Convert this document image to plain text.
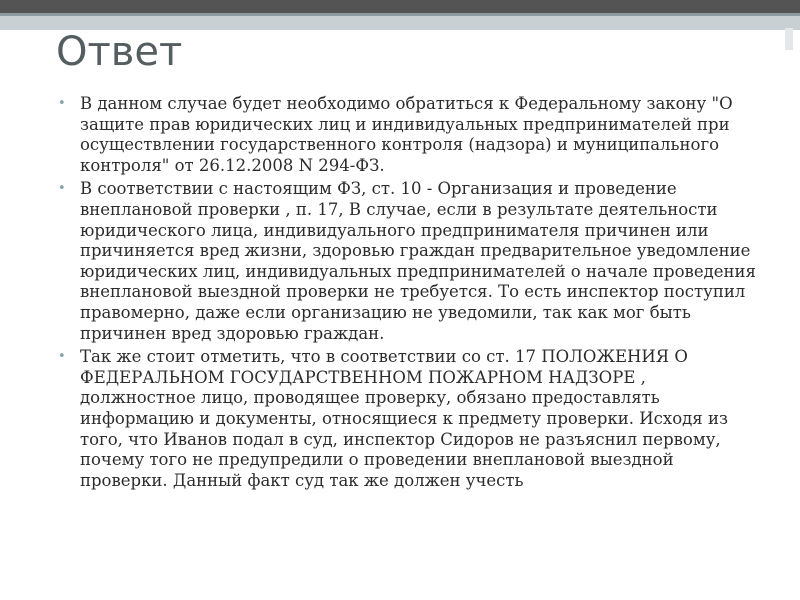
Ответ
• В данном случае будет необходимо обратиться к Федеральному закону "О защите прав юридических лиц и индивидуальных предпринимателей при осуществлении государственного контроля (надзора) и муниципального контроля" от 26.12.2008 N 294-ФЗ.
• В соответствии с настоящим ФЗ, ст. 10 - Организация и проведение внеплановой проверки , п. 17, В случае, если в результате деятельности юридического лица, индивидуального предпринимателя причинен или причиняется вред жизни, здоровью граждан предварительное уведомление юридических лиц, индивидуальных предпринимателей о начале проведения внеплановой выездной проверки не требуется. То есть инспектор поступил правомерно, даже если организацию не уведомили, так как мог быть причинен вред здоровью граждан.
• Так же стоит отметить, что в соответствии со ст. 17 ПОЛОЖЕНИЯ О ФЕДЕРАЛЬНОМ ГОСУДАРСТВЕННОМ ПОЖАРНОМ НАДЗОРЕ , должностное лицо, проводящее проверку, обязано предоставлять информацию и документы, относящиеся к предмету проверки. Исходя из того, что Иванов подал в суд, инспектор Сидоров не разъяснил первому, почему того не предупредили о проведении внеплановой выездной проверки. Данный факт суд так же должен учесть
